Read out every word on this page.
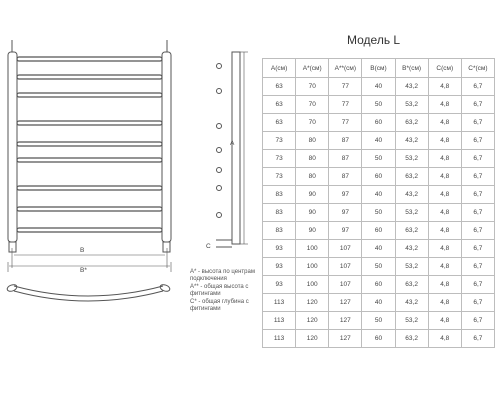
B
B*
A
C
Модель L
A(см)	A*(см)	A**(см)	B(см)	B*(см)	C(см)	C*(см)
63	70	77	40	43,2	4,8	6,7
63	70	77	50	53,2	4,8	6,7
63	70	77	60	63,2	4,8	6,7
73	80	87	40	43,2	4,8	6,7
73	80	87	50	53,2	4,8	6,7
73	80	87	60	63,2	4,8	6,7
83	90	97	40	43,2	4,8	6,7
83	90	97	50	53,2	4,8	6,7
83	90	97	60	63,2	4,8	6,7
93	100	107	40	43,2	4,8	6,7
93	100	107	50	53,2	4,8	6,7
93	100	107	60	63,2	4,8	6,7
113	120	127	40	43,2	4,8	6,7
113	120	127	50	53,2	4,8	6,7
113	120	127	60	63,2	4,8	6,7
А* - высота по центрам подключения
А** - общая высота с фитингами
С* - общая глубина с фитингами
